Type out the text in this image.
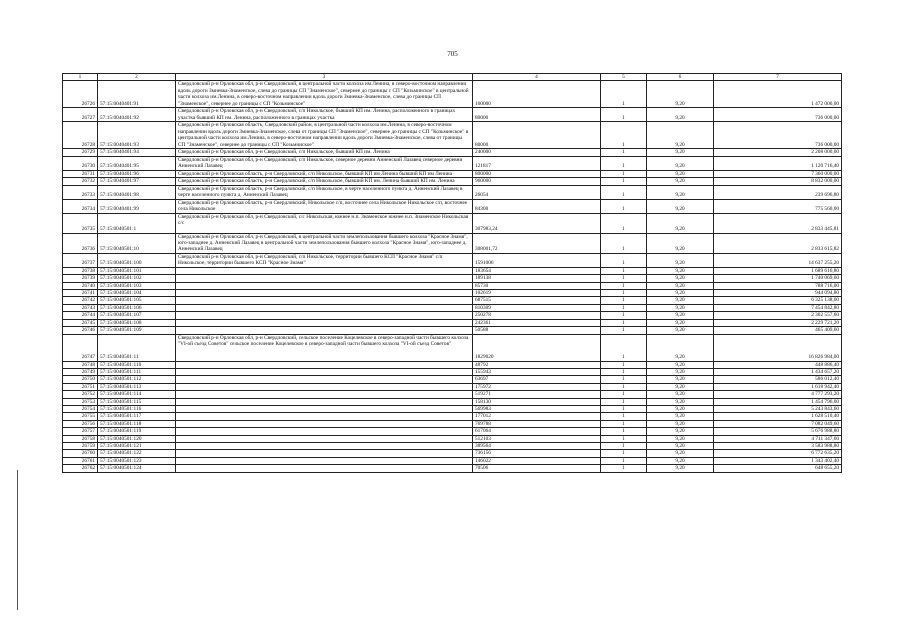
705
1	2	3	4	5	6	7
26726	57:15:0040401:91	Свердловский р-н Орловская обл, р-н Свердловский, в центральной части колхоза им.Ленина, в северо-восточном направлении вдоль дороги Змиевка-Знаменское, слева до границы СП "Знаменское", севернее до границы с СП "Козьминское" в центральной части колхоза им.Ленина, в северо-восточном направлении вдоль дороги Змиевка-Знаменское, слева до границы СП "Знаменское", севернее до границы с СП "Козьминское"	160000	1	9,20	1 472 000,00
26727	57:15:0040401:92	Свердловский р-н Орловская обл, р-н Свердловский, с/п Никольское, бывший КП им. Ленина, расположенного в границах участка бывший КП им. Ленина, расположенного в границах участка	80000	1	9,20	736 000,00
26728	57:15:0040401:93	Свердловский р-н Орловская область, Свердловский район, в центральной части колхоза им.Ленина, в северо-восточном направлении вдоль дороги Змиевка-Знаменское, слева от границы СП "Знаменское", севернее до границы с СП "Козьминское" в центральной части колхоза им.Ленина, в северо-восточном направлении вдоль дороги Змиевка-Знаменское, слева от границы СП "Знаменское", севернее до границы с СП "Козьминское"	80000	1	9,20	736 000,00
26729	57:15:0040401:94	Свердловский р-н Орловская обл, р-н Свердловский, с/п Никольское, бывший КП им. Ленина	240000	1	9,20	2 208 000,00
26730	57:15:0040401:95	Свердловский р-н Орловская обл, р-н Свердловский, с/п Никольское, северное деревни Анненский Лазавец северное деревни Анненский Лазавец	121817	1	9,20	1 120 716,40
26731	57:15:0040401:96	Свердловский р-н Орловская область, р-н Свердловский, с/п Никольское, бывший КП им Ленина бывший КП им Ленина	800000	1	9,20	7 360 000,00
26732	57:15:0040401:97	Свердловский р-н Орловская область, р-н Свердловский, с/п Никольское, бывший КП им. Ленина бывший КП им. Ленина	960000	1	9,20	8 832 000,00
26733	57:15:0040401:98	Свердловский р-н Орловская область, р-н Свердловский, с/п Никольское, в черте населенного пункта д. Анненский Лазавец в черте населенного пункта д. Анненский Лазавец	26054	1	9,20	239 696,80
26734	57:15:0040401:99	Свердловский р-н Орловская область, р-н Свердловский, Никольское с/п, восточнее села Никольское Никольское с/п, восточнее села Никольское	84300	1	9,20	775 560,00
26735	57:15:0040501:1	Свердловский р-н Орловская обл, р-н Свердловский, с/с Никольская, южнее н.п. Знаменское южнее н.п. Знаменское Никольская с/с	307983,24	1	9,20	2 833 445,81
26736	57:15:0040501:10	Свердловский р-н Орловская обл, р-н Свердловский, в центральной части землепользования бывшего колхоза "Красное Знамя", юго-западнее д. Анненский Лазавец в центральной части землепользования бывшего колхоза "Красное Знамя", юго-западнее д. Анненский Лазавец	308001,72	1	9,20	2 833 615,82
26737	57:15:0040501:100	Свердловский р-н Орловская обл, р-н Свердловский, с/п Никольское, территории бывшего КСП "Красное Знамя" с/п Никольское, территории бывшего КСП "Красное Знамя"	1591006	1	9,20	14 637 255,20
26738	57:15:0040501:101		183654	1	9,20	1 689 616,80
26739	57:15:0040501:102		189138	1	9,20	1 740 069,60
26740	57:15:0040501:103		85730	1	9,20	788 716,00
26741	57:15:0040501:104		102619	1	9,20	944 094,80
26742	57:15:0040501:105		687515	1	9,20	6 325 138,00
26743	57:15:0040501:106		810309	1	9,20	7 454 842,80
26744	57:15:0040501:107		250278	1	9,20	2 302 557,60
26745	57:15:0040501:108		242361	1	9,20	2 229 721,20
26746	57:15:0040501:109		50588	1	9,20	465 409,60
26747	57:15:0040501:11	Свердловский р-н Орловская обл, р-н Свердловский, сельское поселение Коцелевское в северо-западной части бывшего колхоза "VI-ой съезд Советов" сельское поселение Коцелевское в северо-западной части бывшего колхоза "VI-ой съезд Советов"	1829020	1	9,20	16 826 984,00
26748	57:15:0040501:110		48792	1	9,20	448 886,40
26749	57:15:0040501:111		155943	1	9,20	1 434 657,20
26750	57:15:0040501:112		63697	1	9,20	586 012,40
26751	57:15:0040501:113		175972	1	9,20	1 618 942,40
26752	57:15:0040501:114		519271	1	9,20	4 777 293,20
26753	57:15:0040501:115		158130	1	9,20	1 454 796,00
26754	57:15:0040501:116		569983	1	9,20	5 243 843,60
26755	57:15:0040501:117		177012	1	9,20	1 628 510,40
26756	57:15:0040501:118		769788	1	9,20	7 082 049,60
26757	57:15:0040501:119		617064	1	9,20	5 676 988,80
26758	57:15:0040501:120		512103	1	9,20	4 711 347,60
26759	57:15:0040501:121		389564	1	9,20	3 583 988,80
26760	57:15:0040501:122		736156	1	9,20	6 772 635,20
26761	57:15:0040501:123		146022	1	9,20	1 343 402,40
26762	57:15:0040501:124		70506	1	9,20	648 655,20
